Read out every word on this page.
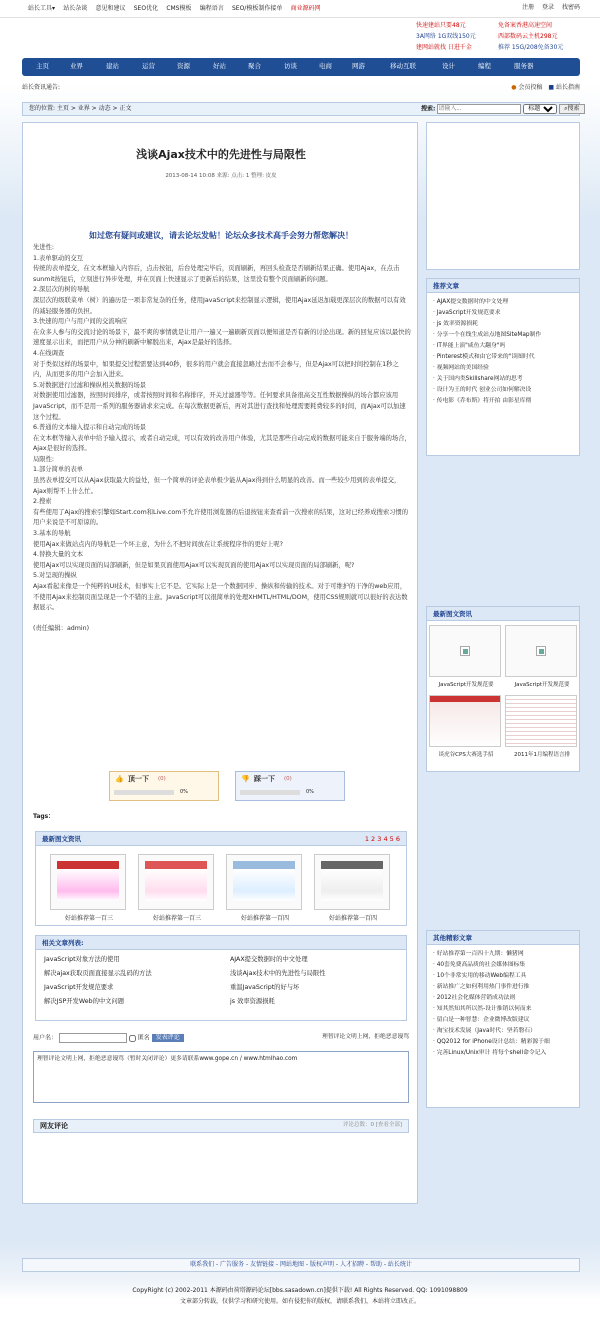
站长工具▾ 站长杂谈 意见和建议 SEO优化 CMS模板 编程语言 SEO/模板制作接单 商业源码网	注册 登录 找密码
快速建站只要48元	免备案香港高速空间
3A网络 1G双线150元	西部数码云主机298元
建网站就找 日进千金	推荐 15G/208免备30元
主页	业界	建站	运营	资源	好站	聚合	访谈	电商	网游	移动互联	设计	编程	服务器
站长资讯通告:	● 会员投稿 ■ 站长指南
您的位置: 主页 > 业界 > 动态 > 正文	搜索: 请输入...
标题	⌕搜索
浅谈Ajax技术中的先进性与局限性
2013-08-14 10:08 来源: 点击: 1 整理: 皮皮
如过您有疑问或建议，请去论坛发帖！论坛众多技术高手会努力帮您解决！

先进性:

1.表单驱动的交互

传统的表单提交，在文本框输入内容后，点击按钮，后台处理完毕后，页面刷新，再回头检查是否刷新结果正确。使用Ajax，在点击sunmit按钮后，立刻进行异步处理，并在页面上快速显示了更新后的结果，这里没有整个页面刷新的问题。

2.深层次的树的导航

深层次的级联菜单（树）的遍历是一项非常复杂的任务，使用JavaScript来控制显示逻辑，使用Ajax延迟加载更深层次的数据可以有效的减轻服务器的负担。

3.快速的用户与用户间的交流响应

在众多人参与的交流讨论的场景下，最不爽的事情就是让用户一遍又一遍刷新页面以便知道是否有新的讨论出现。新的回复应该以最快的速度显示出来，而把用户从分神的刷新中解脱出来，Ajax是最好的选择。

4.在线调查

对于类似这样的场景中，如果提交过程需要达到40秒，很多的用户就会直接忽略过去而不会参与，但是Ajax可以把时间控制在1秒之内，从而更多的用户会加入进来。

5.对数据进行过滤和操纵相关数据的场景

对数据使用过滤器，按照时间排序，或者按照时间和名称排序，开关过滤器等等。任何要求具备很高交互性数据操纵的场合都应该用JavaScript，而不是用一系列的服务器请求来完成。在每次数据更新后，再对其进行查找和处理需要耗费较多的时间，而Ajax可以加速这个过程。

6.普通的文本输入提示和自动完成的场景

在文本框等输入表单中给予输入提示，或者自动完成，可以有效的改善用户体验，尤其是那些自动完成的数据可能来自于服务端的场合，Ajax是很好的选择。

局限性:

1.部分简单的表单

虽然表单提交可以从Ajax获取最大的益处，但一个简单的评论表单极少能从Ajax得到什么明显的改善。而一些较少用到的表单提交，Ajax则帮不上什么忙。

2.搜索

有些使用了Ajax的搜索引擎如Start.com和Live.com不允许使用浏览器的后退按钮来查看前一次搜索的结果，这对已经养成搜索习惯的用户来说是不可原谅的。

3.基本的导航

使用Ajax来做站点内的导航是一个坏主意，为什么不把时间放在让系统程序作的更好上呢?

4.替换大量的文本

使用Ajax可以实现页面的局部刷新，但是如果页面使用Ajax可以实现页面的使用Ajax可以实现页面的局部刷新，呢?

5.对呈现的操纵

Ajax看起来像是一个纯粹的UI技术，但事实上它不是。它实际上是一个数据同步、操纵和传输的技术。对于可维护的干净的web应用，不使用Ajax来控制页面呈现是一个不错的主意。JavaScript可以很简单的处理XHMTL/HTML/DOM，使用CSS规则就可以很好的表达数据显示。

(责任编辑：admin)

👍 顶一下 (0)
0%
👎 踩一下 (0)
0%
Tags：
最新图文资讯	1 2 3 4 5 6
好站推荐第一百三	好站推荐第一百三	好站推荐第一百四	好站推荐第一百四
相关文章列表:
JavaScript对象方法的使用	AJAX提交数据时的中文处理
解决ajax获取页面直接显示乱码的方法	浅谈Ajax技术中的先进性与局限性
JavaScript开发规范要求	重温JavaScript的好与坏
解决JSP开发Web的中文问题	js 效率资源损耗
用户名：	匿名 发表评论	理智评论文明上网，拒绝恶意谩骂
理智评论文明上网，拒绝恶意谩骂（暂时关闭评论）更多请联系www.gope.cn / www.htmlhao.com
网友评论	评论总数：0 [查看全部]
推荐文章
· AJAX提交数据时的中文处理
· JavaScript开发规范要求
· js 效率资源损耗
· 分享一个在线生成站点地图SiteMap制作
· IT界能上演"咸鱼大翻身"吗
· Pinterest模式和由它带来的"读图时代
· 视频网站的美国经验
· 关于国内类Skillshare网站的思考
· 设计为王的时代 创业公司如何解决设
· 传电影《乔布斯》将开拍 由影星库彻
最新图文资讯
JavaScript开发规范要	JavaScript开发规范要
谈虎谷CPS大赛选手招	2011年1月编程语言排
其他精彩文章
· 好站推荐第一百四十九期：懒猪网
· 40套免费高品质的社会媒体图标集
· 10个非常实用的移动Web编程工具
· 新站推广之如何利用热门事件进行推
· 2012社会化媒体营销成功法则
· 知其然知其所以然-设计推销以何而来
· 留白是一种智慧：企业微博改版建议
· 淘宝技术发展（Java时代：坚若磐石）
· QQ2012 for iPhone设计总结：精彩源于细
· 完善Linux/Unix审计 将每个shell命令记入
联系我们 - 广告服务 - 友情链接 - 网站地图 - 版权声明 - 人才招聘 - 帮助 - 站长统计
CopyRight (c) 2002-2011 本源码由荷塔源码论坛[bbs.sasadown.cn]提供下载! All Rights Reserved. QQ: 1091098809
文章部分转载，仅供学习和研究使用。如有侵犯你的版权，请联系我们，本站将立即改正。
